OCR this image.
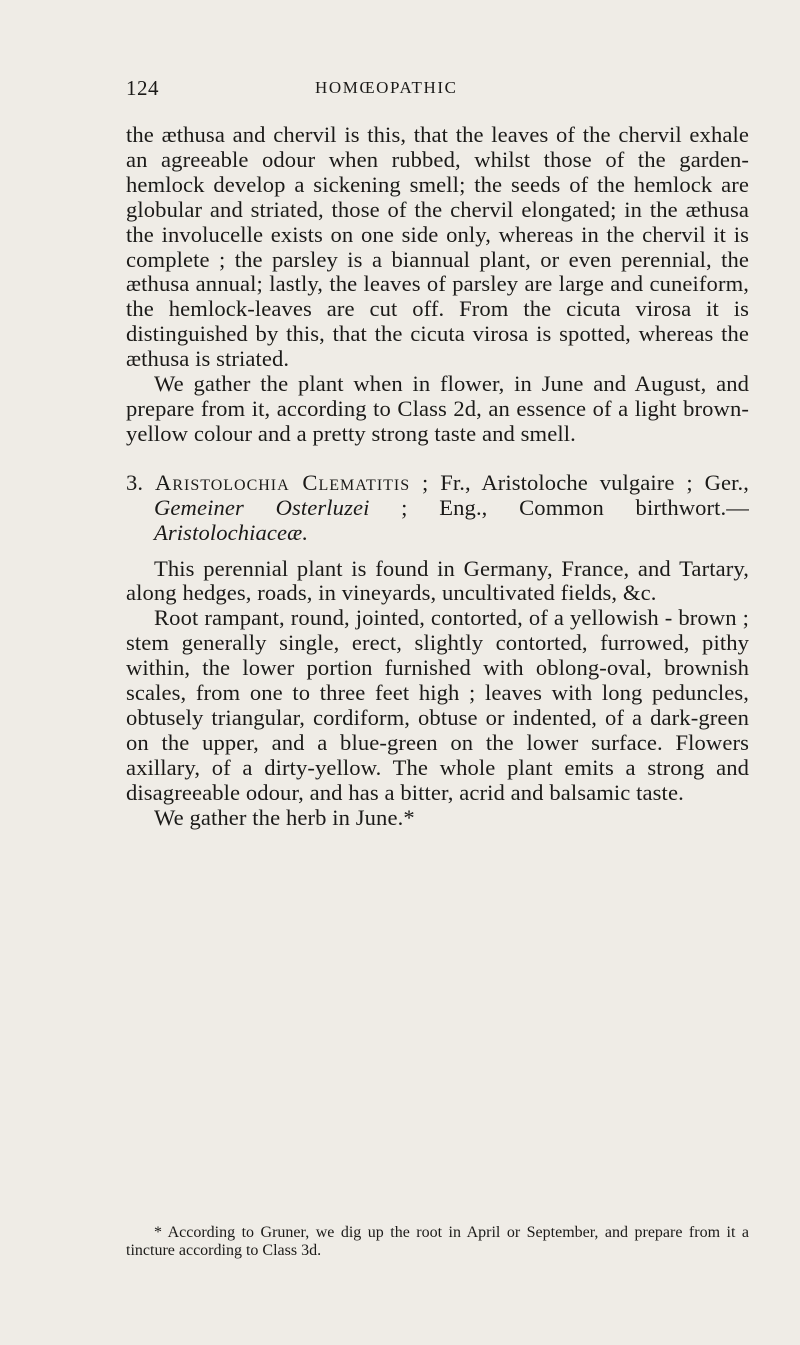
124	HOMŒOPATHIC

the æthusa and chervil is this, that the leaves of the chervil exhale an agreeable odour when rubbed, whilst those of the garden-hemlock develop a sickening smell; the seeds of the hemlock are globular and striated, those of the chervil elongated; in the æthusa the involucelle exists on one side only, whereas in the chervil it is complete ; the parsley is a biannual plant, or even perennial, the æthusa annual; lastly, the leaves of parsley are large and cuneiform, the hemlock-leaves are cut off. From the cicuta virosa it is distinguished by this, that the cicuta virosa is spotted, whereas the æthusa is striated.

We gather the plant when in flower, in June and August, and prepare from it, according to Class 2d, an essence of a light brown-yellow colour and a pretty strong taste and smell.

3. Aristolochia Clematitis ; Fr., Aristoloche vulgaire ; Ger., Gemeiner Osterluzei ; Eng., Common birthwort.—Aristolochiaceæ.

This perennial plant is found in Germany, France, and Tartary, along hedges, roads, in vineyards, uncultivated fields, &c.

Root rampant, round, jointed, contorted, of a yellowish - brown ; stem generally single, erect, slightly contorted, furrowed, pithy within, the lower portion furnished with oblong-oval, brownish scales, from one to three feet high ; leaves with long peduncles, obtusely triangular, cordiform, obtuse or indented, of a dark-green on the upper, and a blue-green on the lower surface. Flowers axillary, of a dirty-yellow. The whole plant emits a strong and disagreeable odour, and has a bitter, acrid and balsamic taste.

We gather the herb in June.*

* According to Gruner, we dig up the root in April or September, and prepare from it a tincture according to Class 3d.
